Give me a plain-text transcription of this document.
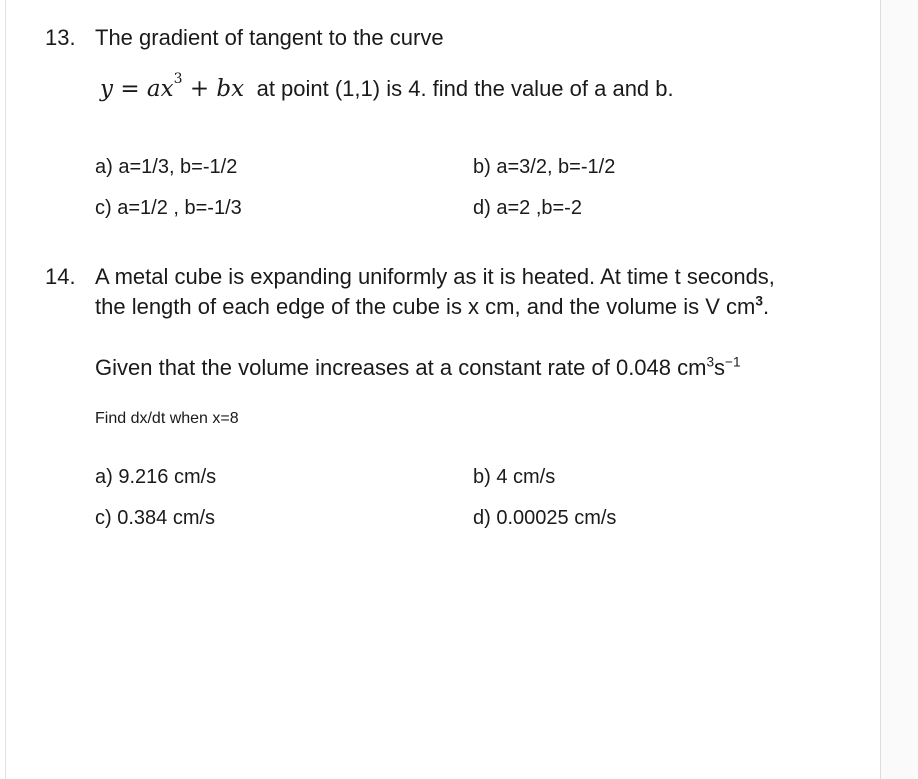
13. The gradient of tangent to the curve
$y = ax^3$ + bx at point (1,1) is 4. find the value of a and b.
a) a=1/3, b=-1/2	b) a=3/2, b=-1/2
c) a=1/2 , b=-1/3	d) a=2 ,b=-2
14. A metal cube is expanding uniformly as it is heated. At time t seconds,
the length of each edge of the cube is x cm, and the volume is V $cm^3$.
Given that the volume increases at a constant rate of 0.048 $cm^3s^{-1}$
Find dx/dt when x=8
a) 9.216 cm/s	b) 4 cm/s
c) 0.384 cm/s	d) 0.00025 cm/s
